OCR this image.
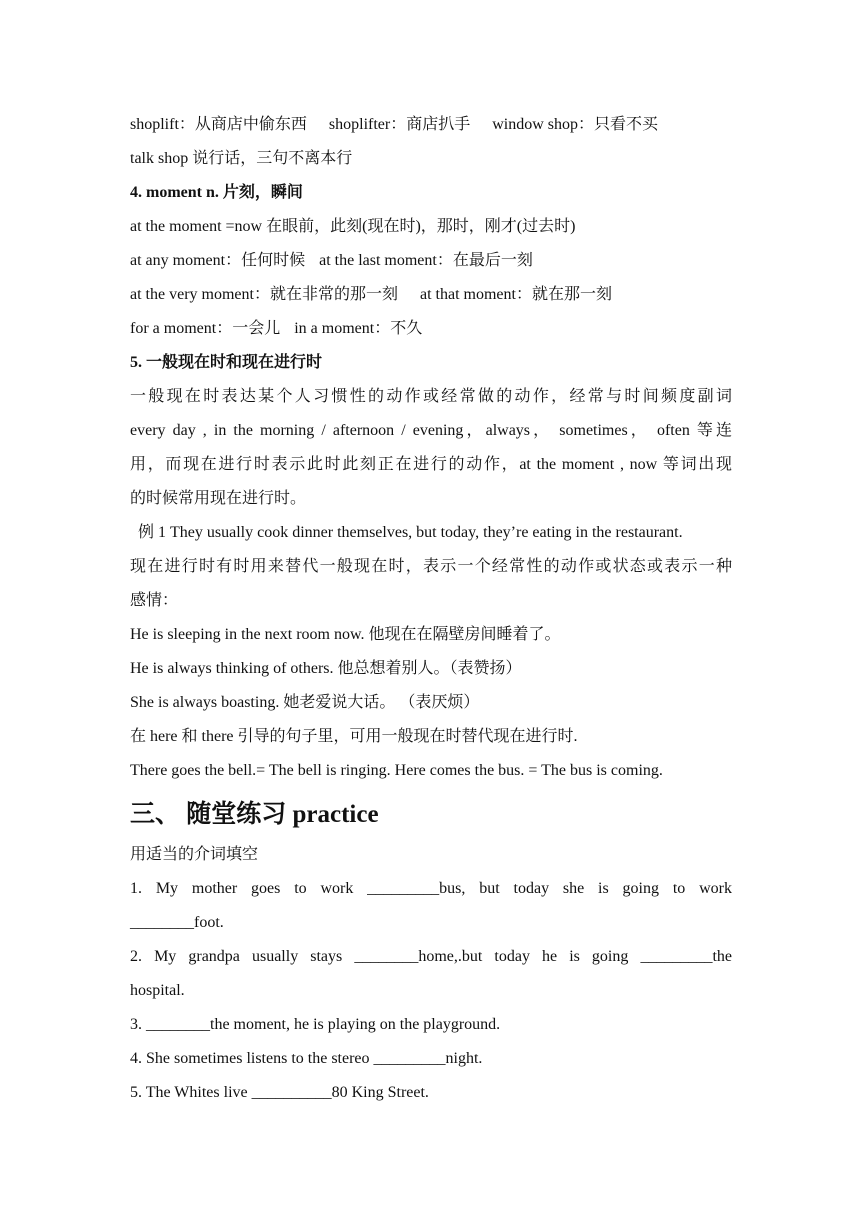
shoplift：从商店中偷东西 shoplifter：商店扒手 window shop：只看不买

talk shop 说行话，三句不离本行

4. moment n. 片刻，瞬间

at the moment =now 在眼前，此刻(现在时)，那时，刚才(过去时)

at any moment：任何时候 at the last moment：在最后一刻

at the very moment：就在非常的那一刻 at that moment：就在那一刻

for a moment：一会儿 in a moment：不久

5. 一般现在时和现在进行时

一般现在时表达某个人习惯性的动作或经常做的动作，经常与时间频度副词

every day , in the morning / afternoon / evening，always， sometimes， often 等连

用，而现在进行时表示此时此刻正在进行的动作，at the moment , now 等词出现

的时候常用现在进行时。

例 1 They usually cook dinner themselves, but today, they’re eating in the restaurant.

现在进行时有时用来替代一般现在时，表示一个经常性的动作或状态或表示一种

感情：

He is sleeping in the next room now. 他现在在隔壁房间睡着了。

He is always thinking of others. 他总想着别人。（表赞扬）

She is always boasting. 她老爱说大话。 （表厌烦）

在 here 和 there 引导的句子里，可用一般现在时替代现在进行时.

There goes the bell.= The bell is ringing. Here comes the bus. = The bus is coming.

三、 随堂练习 practice

用适当的介词填空

1. My mother goes to work _________bus, but today she is going to work

________foot.

2. My grandpa usually stays ________home,.but today he is going _________the

hospital.

3. ________the moment, he is playing on the playground.

4. She sometimes listens to the stereo _________night.

5. The Whites live __________80 King Street.
